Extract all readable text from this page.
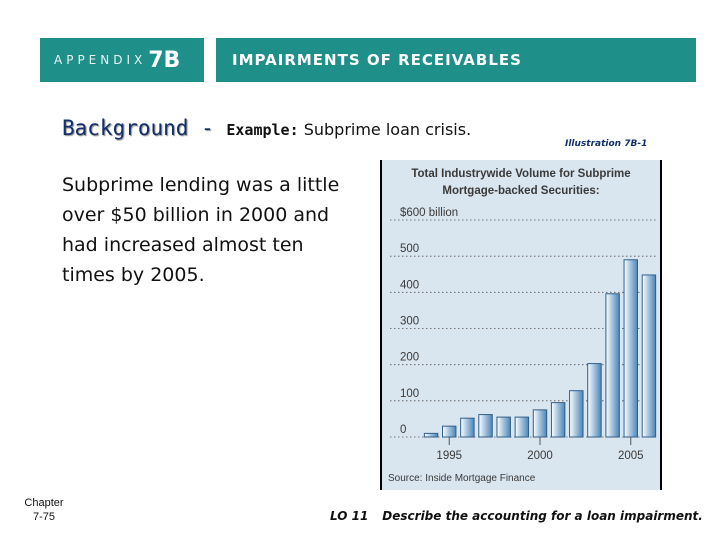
APPENDIX 7B	IMPAIRMENTS OF RECEIVABLES
Background - Example: Subprime loan crisis.
Illustration 7B-1
Subprime lending was a little over $50 billion in 2000 and had increased almost ten times by 2005.
Total Industrywide Volume for Subprime
Mortgage-backed Securities:
$600 billion
500
400
300
200
100
0
1995	2000	2005
Source: Inside Mortgage Finance
Chapter
7-75	LO 11 Describe the accounting for a loan impairment.
